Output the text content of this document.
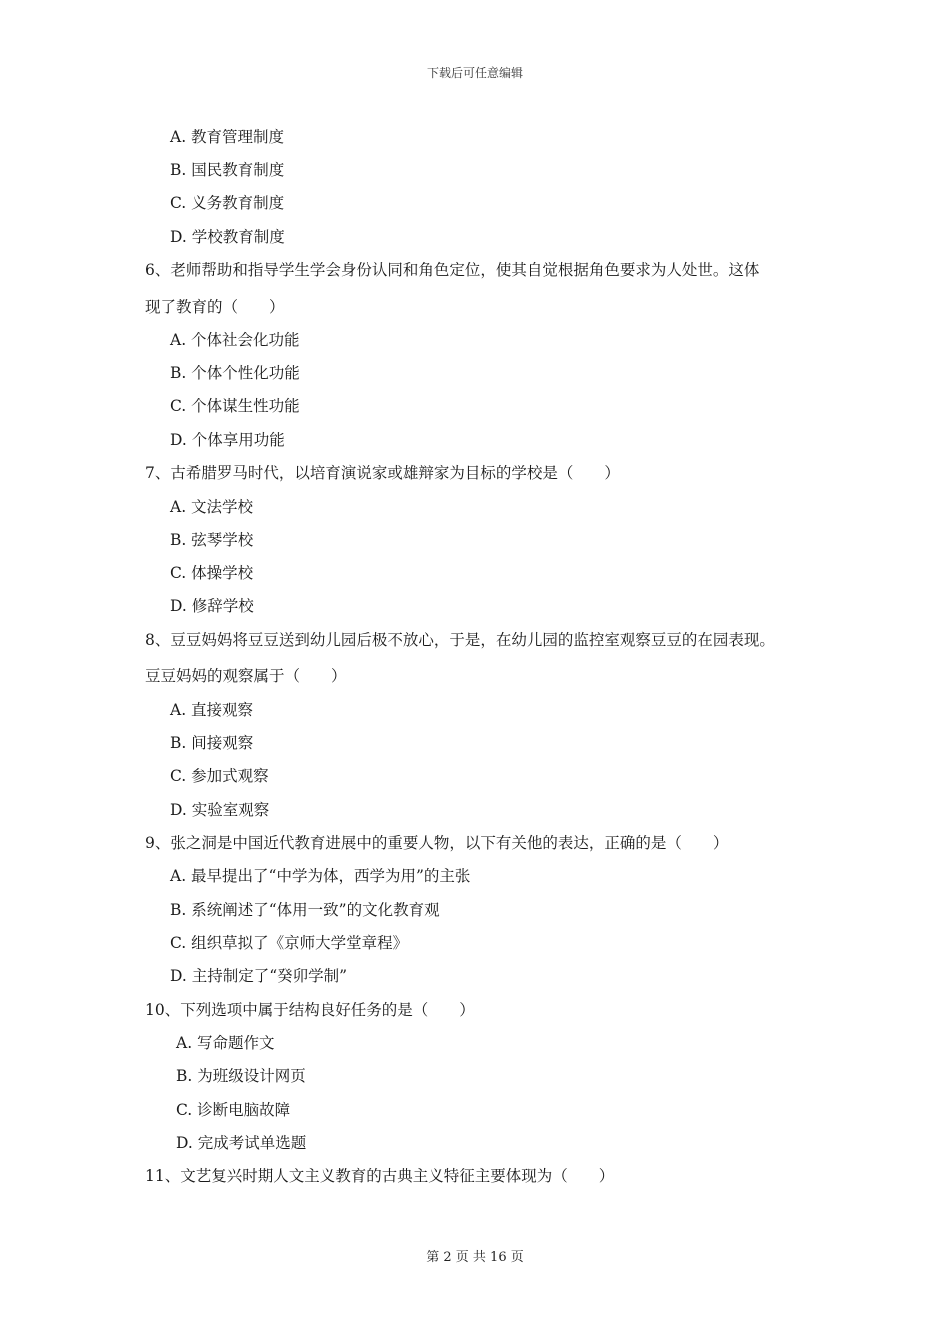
下载后可任意编辑
A. 教育管理制度
B. 国民教育制度
C. 义务教育制度
D. 学校教育制度
6、老师帮助和指导学生学会身份认同和角色定位，使其自觉根据角色要求为人处世。这体
现了教育的（　　）
A. 个体社会化功能
B. 个体个性化功能
C. 个体谋生性功能
D. 个体享用功能
7、古希腊罗马时代，以培育演说家或雄辩家为目标的学校是（　　）
A. 文法学校
B. 弦琴学校
C. 体操学校
D. 修辞学校
8、豆豆妈妈将豆豆送到幼儿园后极不放心，于是，在幼儿园的监控室观察豆豆的在园表现。
豆豆妈妈的观察属于（　　）
A. 直接观察
B. 间接观察
C. 参加式观察
D. 实验室观察
9、张之洞是中国近代教育进展中的重要人物，以下有关他的表达，正确的是（　　）
A. 最早提出了“中学为体，西学为用”的主张
B. 系统阐述了“体用一致”的文化教育观
C. 组织草拟了《京师大学堂章程》
D. 主持制定了“癸卯学制”
10、下列选项中属于结构良好任务的是（　　）
A. 写命题作文
B. 为班级设计网页
C. 诊断电脑故障
D. 完成考试单选题
11、文艺复兴时期人文主义教育的古典主义特征主要体现为（　　）
第 2 页 共 16 页
